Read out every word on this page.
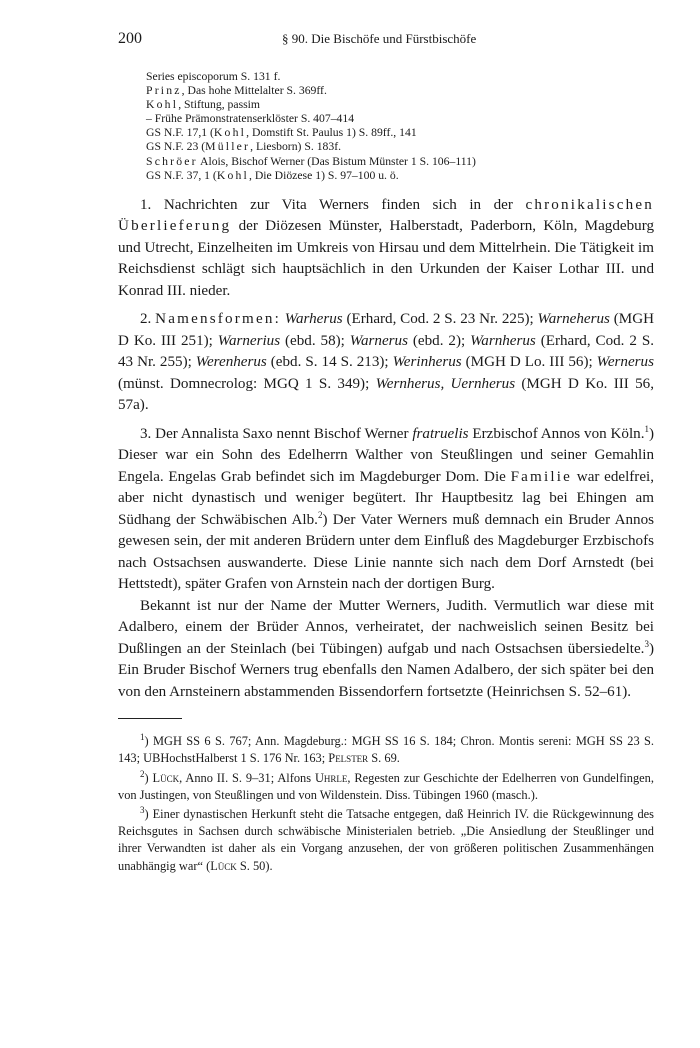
200	§ 90. Die Bischöfe und Fürstbischöfe
Series episcoporum S. 131 f.
Prinz, Das hohe Mittelalter S. 369ff.
Kohl, Stiftung, passim
– Frühe Prämonstratenserklöster S. 407–414
GS N.F. 17,1 (Kohl, Domstift St. Paulus 1) S. 89ff., 141
GS N.F. 23 (Müller, Liesborn) S. 183f.
Schröer Alois, Bischof Werner (Das Bistum Münster 1 S. 106–111)
GS N.F. 37, 1 (Kohl, Die Diözese 1) S. 97–100 u. ö.

1. Nachrichten zur Vita Werners finden sich in der chronikalischen Überlieferung der Diözesen Münster, Halberstadt, Paderborn, Köln, Magdeburg und Utrecht, Einzelheiten im Umkreis von Hirsau und dem Mittelrhein. Die Tätigkeit im Reichsdienst schlägt sich hauptsächlich in den Urkunden der Kaiser Lothar III. und Konrad III. nieder.

2. Namensformen: Warherus (Erhard, Cod. 2 S. 23 Nr. 225); Warneherus (MGH D Ko. III 251); Warnerius (ebd. 58); Warnerus (ebd. 2); Warnherus (Erhard, Cod. 2 S. 43 Nr. 255); Werenherus (ebd. S. 14 S. 213); Werinherus (MGH D Lo. III 56); Wernerus (münst. Domnecrolog: MGQ 1 S. 349); Wernherus, Uernherus (MGH D Ko. III 56, 57a).

3. Der Annalista Saxo nennt Bischof Werner fratruelis Erzbischof Annos von Köln.$^1$) Dieser war ein Sohn des Edelherrn Walther von Steußlingen und seiner Gemahlin Engela. Engelas Grab befindet sich im Magdeburger Dom. Die Familie war edelfrei, aber nicht dynastisch und weniger begütert. Ihr Hauptbesitz lag bei Ehingen am Südhang der Schwäbischen Alb.$^2$) Der Vater Werners muß demnach ein Bruder Annos gewesen sein, der mit anderen Brüdern unter dem Einfluß des Magdeburger Erzbischofs nach Ostsachsen auswanderte. Diese Linie nannte sich nach dem Dorf Arnstedt (bei Hettstedt), später Grafen von Arnstein nach der dortigen Burg.

Bekannt ist nur der Name der Mutter Werners, Judith. Vermutlich war diese mit Adalbero, einem der Brüder Annos, verheiratet, der nachweislich seinen Besitz bei Dußlingen an der Steinlach (bei Tübingen) aufgab und nach Ostsachsen übersiedelte.$^3$) Ein Bruder Bischof Werners trug ebenfalls den Namen Adalbero, der sich später bei den von den Arnsteinern abstammenden Bissendorfern fortsetzte (Heinrichsen S. 52–61).

$^1$) MGH SS 6 S. 767; Ann. Magdeburg.: MGH SS 16 S. 184; Chron. Montis sereni: MGH SS 23 S. 143; UBHochstHalberst 1 S. 176 Nr. 163; Pelster S. 69.

$^2$) Lück, Anno II. S. 9–31; Alfons Uhrle, Regesten zur Geschichte der Edelherren von Gundelfingen, von Justingen, von Steußlingen und von Wildenstein. Diss. Tübingen 1960 (masch.).

$^3$) Einer dynastischen Herkunft steht die Tatsache entgegen, daß Heinrich IV. die Rückgewinnung des Reichsgutes in Sachsen durch schwäbische Ministerialen betrieb. „Die Ansiedlung der Steußlinger und ihrer Verwandten ist daher als ein Vorgang anzusehen, der von größeren politischen Zusammenhängen unabhängig war“ (Lück S. 50).
